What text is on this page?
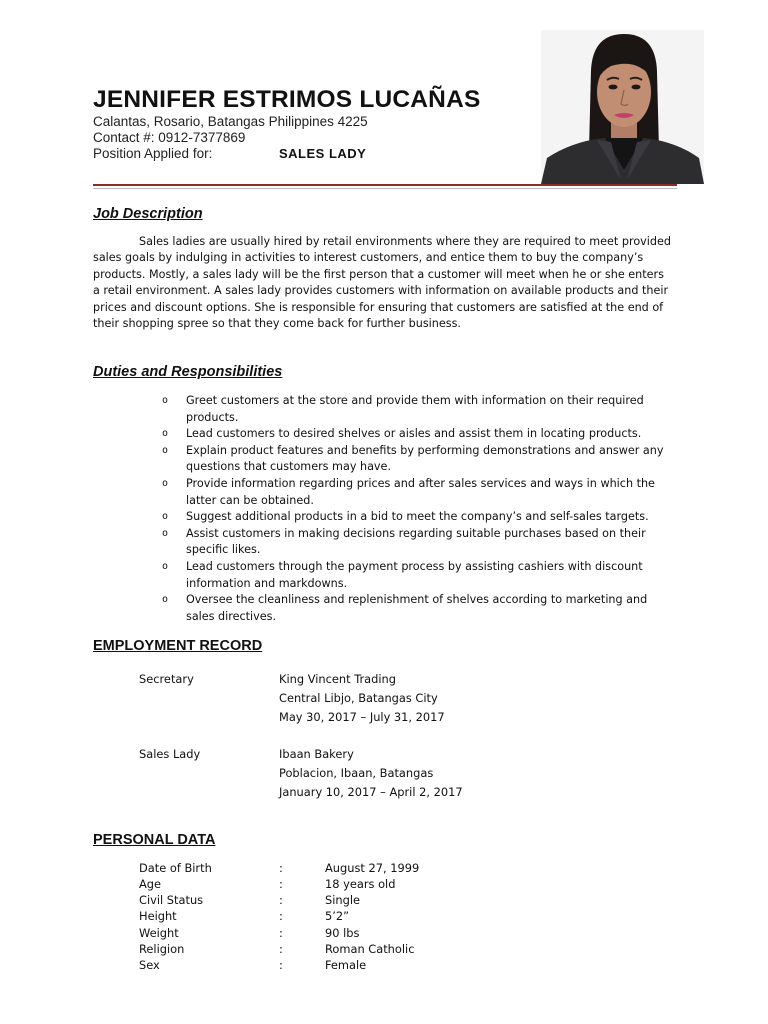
JENNIFER ESTRIMOS LUCAÑAS
Calantas, Rosario, Batangas Philippines 4225
Contact #: 0912-7377869
Position Applied for:	SALES LADY
Job Description
Sales ladies are usually hired by retail environments where they are required to meet provided sales goals by indulging in activities to interest customers, and entice them to buy the company’s products. Mostly, a sales lady will be the first person that a customer will meet when he or she enters a retail environment. A sales lady provides customers with information on available products and their prices and discount options. She is responsible for ensuring that customers are satisfied at the end of their shopping spree so that they come back for further business.
Duties and Responsibilities
o Greet customers at the store and provide them with information on their required products.
o Lead customers to desired shelves or aisles and assist them in locating products.
o Explain product features and benefits by performing demonstrations and answer any questions that customers may have.
o Provide information regarding prices and after sales services and ways in which the latter can be obtained.
o Suggest additional products in a bid to meet the company’s and self-sales targets.
o Assist customers in making decisions regarding suitable purchases based on their specific likes.
o Lead customers through the payment process by assisting cashiers with discount information and markdowns.
o Oversee the cleanliness and replenishment of shelves according to marketing and sales directives.
EMPLOYMENT RECORD
Secretary	King Vincent Trading
Central Libjo, Batangas City
May 30, 2017 – July 31, 2017
Sales Lady	Ibaan Bakery
Poblacion, Ibaan, Batangas
January 10, 2017 – April 2, 2017
PERSONAL DATA
Date of Birth	:	August 27, 1999
Age	:	18 years old
Civil Status	:	Single
Height	:	5’2”
Weight	:	90 lbs
Religion	:	Roman Catholic
Sex	:	Female
